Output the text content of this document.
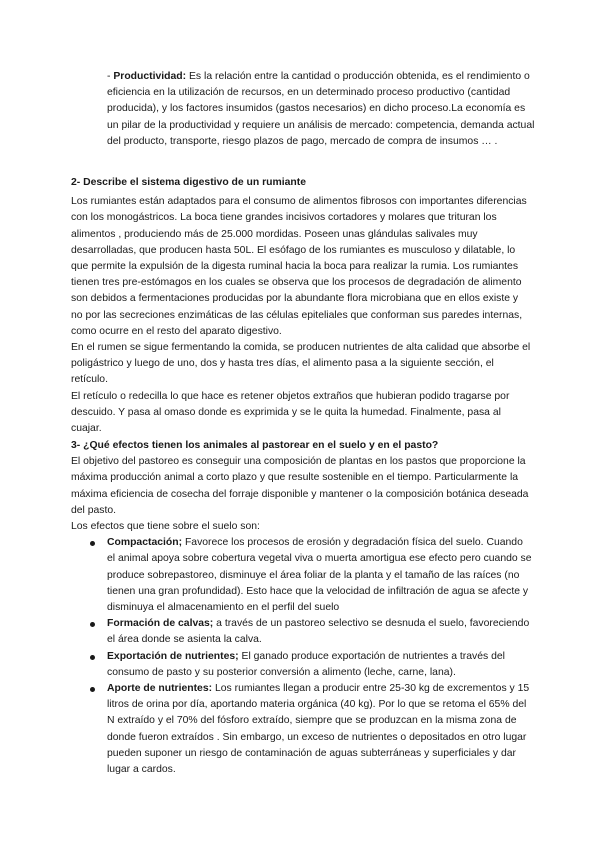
- Productividad: Es la relación entre la cantidad o producción obtenida, es el rendimiento o eficiencia en la utilización de recursos, en un determinado proceso productivo (cantidad producida), y los factores insumidos (gastos necesarios) en dicho proceso.La economía es un pilar de la productividad y requiere un análisis de mercado: competencia, demanda actual del producto, transporte, riesgo plazos de pago, mercado de compra de insumos … .

2- Describe el sistema digestivo de un rumiante

Los rumiantes están adaptados para el consumo de alimentos fibrosos con importantes diferencias con los monogástricos. La boca tiene grandes incisivos cortadores y molares que trituran los alimentos , produciendo más de 25.000 mordidas. Poseen unas glándulas salivales muy desarrolladas, que producen hasta 50L. El esófago de los rumiantes es musculoso y dilatable, lo que permite la expulsión de la digesta ruminal hacia la boca para realizar la rumia. Los rumiantes tienen tres pre-estómagos en los cuales se observa que los procesos de degradación de alimento son debidos a fermentaciones producidas por la abundante flora microbiana que en ellos existe y no por las secreciones enzimáticas de las células epiteliales que conforman sus paredes internas, como ocurre en el resto del aparato digestivo.

En el rumen se sigue fermentando la comida, se producen nutrientes de alta calidad que absorbe el poligástrico y luego de uno, dos y hasta tres días, el alimento pasa a la siguiente sección, el retículo.

El retículo o redecilla lo que hace es retener objetos extraños que hubieran podido tragarse por descuido. Y pasa al omaso donde es exprimida y se le quita la humedad. Finalmente, pasa al cuajar.

3- ¿Qué efectos tienen los animales al pastorear en el suelo y en el pasto?

El objetivo del pastoreo es conseguir una composición de plantas en los pastos que proporcione la máxima producción animal a corto plazo y que resulte sostenible en el tiempo. Particularmente la máxima eficiencia de cosecha del forraje disponible y mantener o la composición botánica deseada del pasto.

Los efectos que tiene sobre el suelo son:

Compactación; Favorece los procesos de erosión y degradación física del suelo. Cuando el animal apoya sobre cobertura vegetal viva o muerta amortigua ese efecto pero cuando se produce sobrepastoreo, disminuye el área foliar de la planta y el tamaño de las raíces (no tienen una gran profundidad). Esto hace que la velocidad de infiltración de agua se afecte y disminuya el almacenamiento en el perfil del suelo
Formación de calvas; a través de un pastoreo selectivo se desnuda el suelo, favoreciendo el área donde se asienta la calva.
Exportación de nutrientes; El ganado produce exportación de nutrientes a través del consumo de pasto y su posterior conversión a alimento (leche, carne, lana).
Aporte de nutrientes: Los rumiantes llegan a producir entre 25-30 kg de excrementos y 15 litros de orina por día, aportando materia orgánica (40 kg). Por lo que se retoma el 65% del N extraído y el 70% del fósforo extraído, siempre que se produzcan en la misma zona de donde fueron extraídos . Sin embargo, un exceso de nutrientes o depositados en otro lugar pueden suponer un riesgo de contaminación de aguas subterráneas y superficiales y dar lugar a cardos.
